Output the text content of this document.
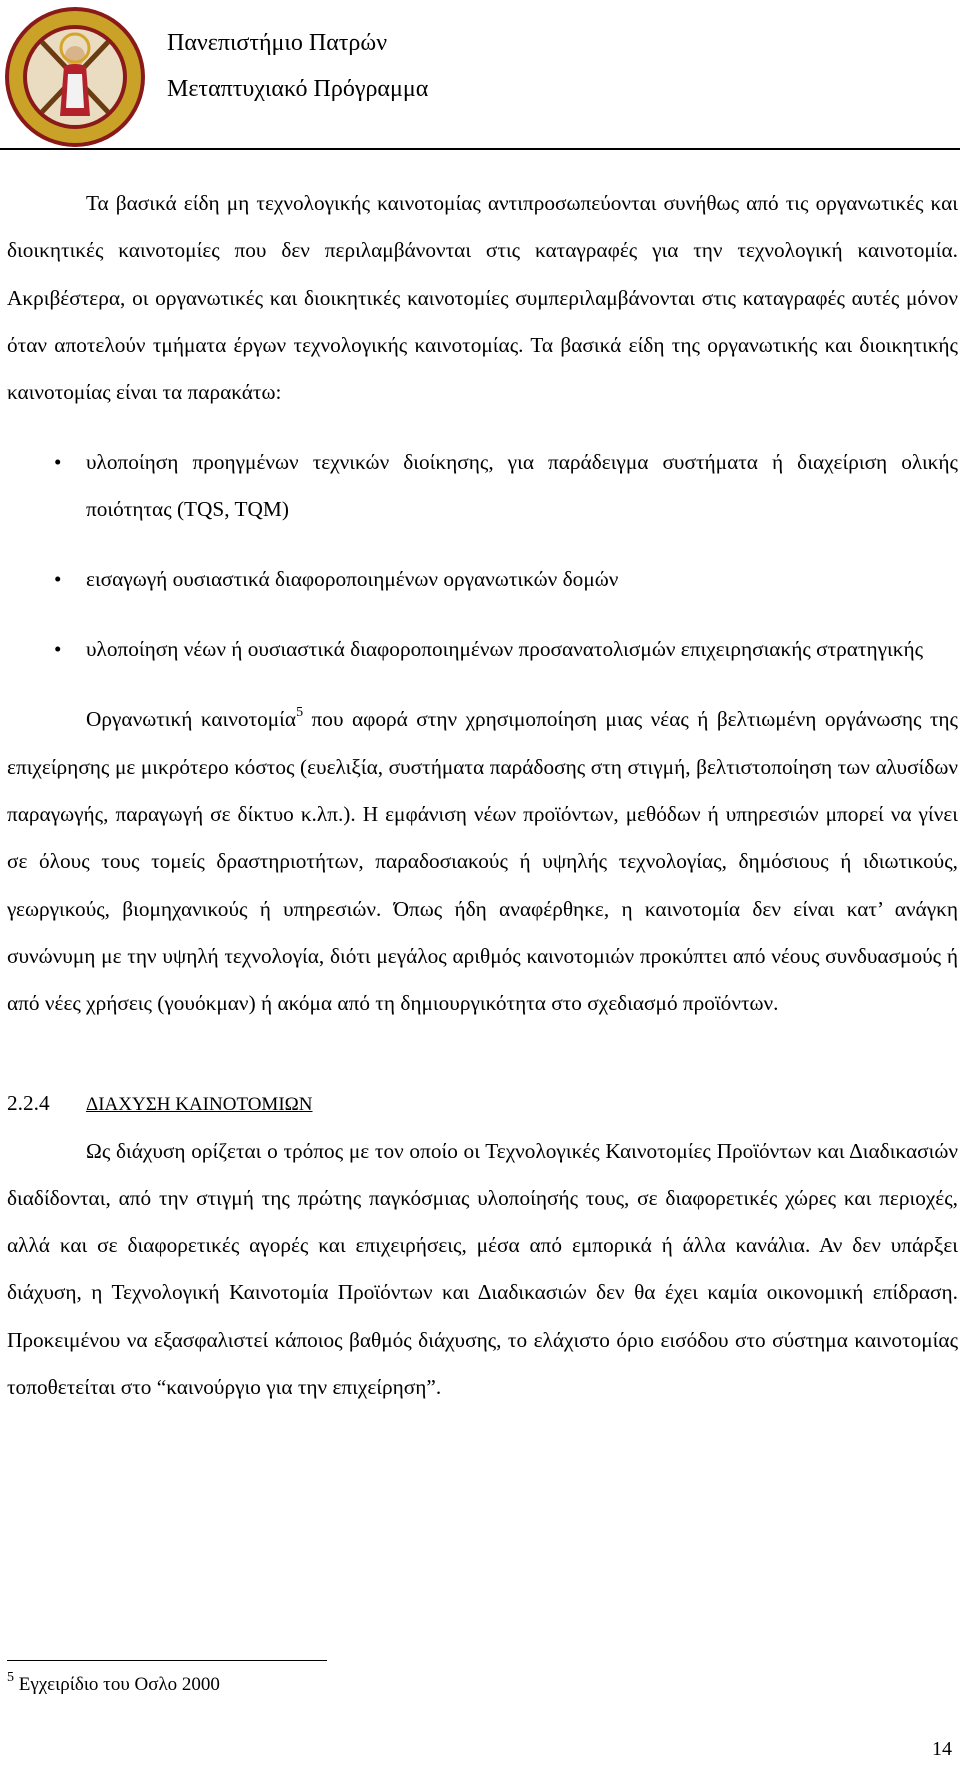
Πανεπιστήμιο Πατρών
Μεταπτυχιακό Πρόγραμμα

Τα βασικά είδη μη τεχνολογικής καινοτομίας αντιπροσωπεύονται συνήθως από τις οργανωτικές και διοικητικές καινοτομίες που δεν περιλαμβάνονται στις καταγραφές για την τεχνολογική καινοτομία. Ακριβέστερα, οι οργανωτικές και διοικητικές καινοτομίες συμπεριλαμβάνονται στις καταγραφές αυτές μόνον όταν αποτελούν τμήματα έργων τεχνολογικής καινοτομίας. Τα βασικά είδη της οργανωτικής και διοικητικής καινοτομίας είναι τα παρακάτω:

• υλοποίηση προηγμένων τεχνικών διοίκησης, για παράδειγμα συστήματα ή διαχείριση ολικής ποιότητας (TQS, TQM)
• εισαγωγή ουσιαστικά διαφοροποιημένων οργανωτικών δομών
• υλοποίηση νέων ή ουσιαστικά διαφοροποιημένων προσανατολισμών επιχειρησιακής στρατηγικής

Οργανωτική καινοτομία$^5$ που αφορά στην χρησιμοποίηση μιας νέας ή βελτιωμένη οργάνωσης της επιχείρησης με μικρότερο κόστος (ευελιξία, συστήματα παράδοσης στη στιγμή, βελτιστοποίηση των αλυσίδων παραγωγής, παραγωγή σε δίκτυο κ.λπ.). Η εμφάνιση νέων προϊόντων, μεθόδων ή υπηρεσιών μπορεί να γίνει σε όλους τους τομείς δραστηριοτήτων, παραδοσιακούς ή υψηλής τεχνολογίας, δημόσιους ή ιδιωτικούς, γεωργικούς, βιομηχανικούς ή υπηρεσιών. Όπως ήδη αναφέρθηκε, η καινοτομία δεν είναι κατ’ ανάγκη συνώνυμη με την υψηλή τεχνολογία, διότι μεγάλος αριθμός καινοτομιών προκύπτει από νέους συνδυασμούς ή από νέες χρήσεις (γουόκμαν) ή ακόμα από τη δημιουργικότητα στο σχεδιασμό προϊόντων.

2.2.4 ΔΙΑΧΥΣΗ ΚΑΙΝΟΤΟΜΙΩΝ

Ως διάχυση ορίζεται ο τρόπος με τον οποίο οι Τεχνολογικές Καινοτομίες Προϊόντων και Διαδικασιών διαδίδονται, από την στιγμή της πρώτης παγκόσμιας υλοποίησής τους, σε διαφορετικές χώρες και περιοχές, αλλά και σε διαφορετικές αγορές και επιχειρήσεις, μέσα από εμπορικά ή άλλα κανάλια. Αν δεν υπάρξει διάχυση, η Τεχνολογική Καινοτομία Προϊόντων και Διαδικασιών δεν θα έχει καμία οικονομική επίδραση. Προκειμένου να εξασφαλιστεί κάποιος βαθμός διάχυσης, το ελάχιστο όριο εισόδου στο σύστημα καινοτομίας τοποθετείται στο “καινούργιο για την επιχείρηση”.

$^5$ Εγχειρίδιο του Οσλο 2000
14
